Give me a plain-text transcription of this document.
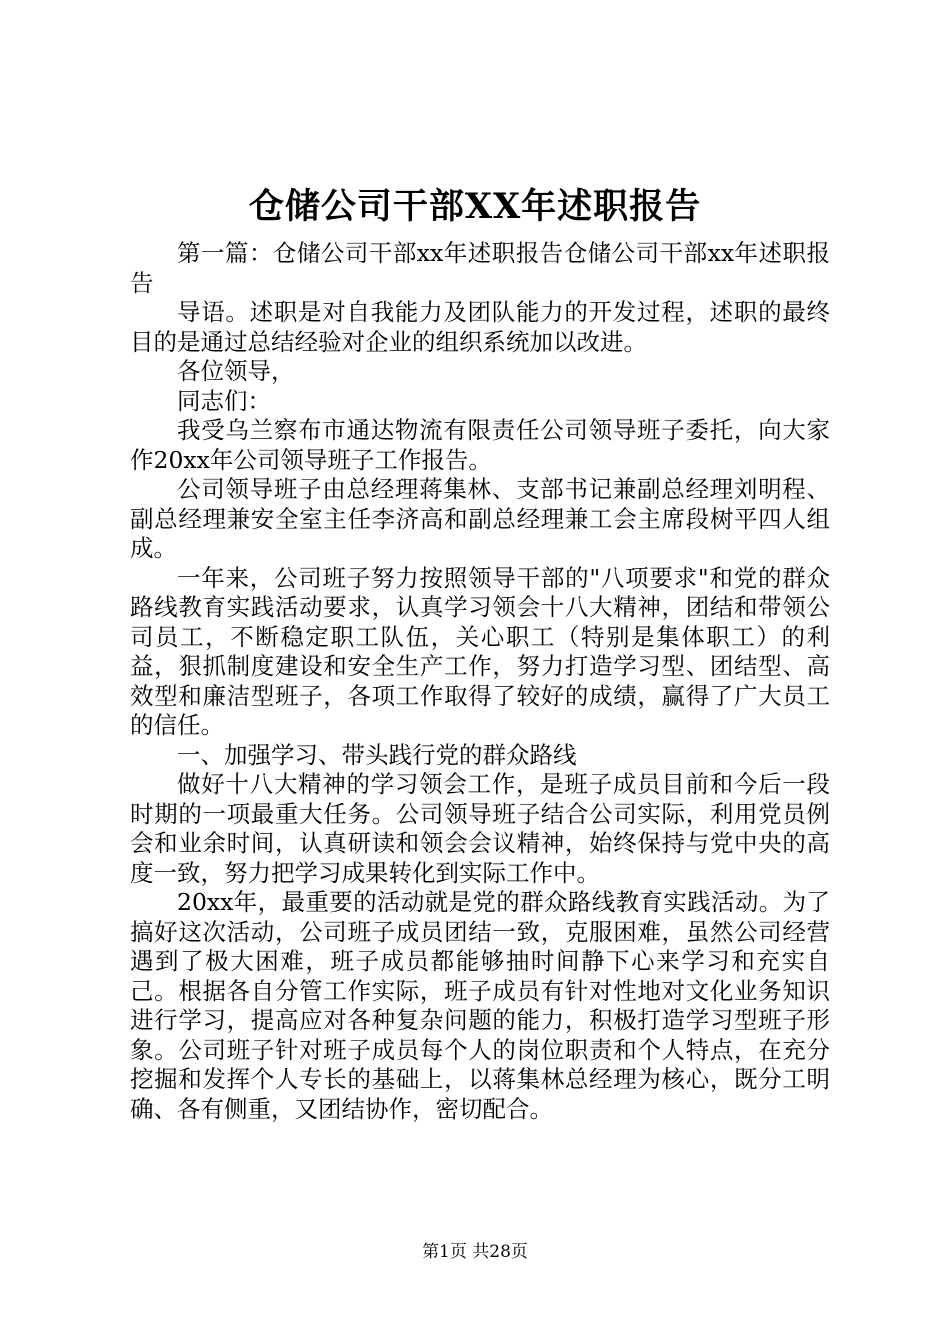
仓储公司干部XX年述职报告

第一篇：仓储公司干部xx年述职报告仓储公司干部xx年述职报告

导语。述职是对自我能力及团队能力的开发过程，述职的最终目的是通过总结经验对企业的组织系统加以改进。

各位领导，

同志们：

我受乌兰察布市通达物流有限责任公司领导班子委托，向大家作20xx年公司领导班子工作报告。

公司领导班子由总经理蒋集林、支部书记兼副总经理刘明程、副总经理兼安全室主任李济高和副总经理兼工会主席段树平四人组成。

一年来，公司班子努力按照领导干部的"八项要求"和党的群众路线教育实践活动要求，认真学习领会十八大精神，团结和带领公司员工，不断稳定职工队伍，关心职工（特别是集体职工）的利益，狠抓制度建设和安全生产工作，努力打造学习型、团结型、高效型和廉洁型班子，各项工作取得了较好的成绩，赢得了广大员工的信任。

一、加强学习、带头践行党的群众路线

做好十八大精神的学习领会工作，是班子成员目前和今后一段时期的一项最重大任务。公司领导班子结合公司实际，利用党员例会和业余时间，认真研读和领会会议精神，始终保持与党中央的高度一致，努力把学习成果转化到实际工作中。

20xx年，最重要的活动就是党的群众路线教育实践活动。为了搞好这次活动，公司班子成员团结一致，克服困难，虽然公司经营遇到了极大困难，班子成员都能够抽时间静下心来学习和充实自己。根据各自分管工作实际，班子成员有针对性地对文化业务知识进行学习，提高应对各种复杂问题的能力，积极打造学习型班子形象。公司班子针对班子成员每个人的岗位职责和个人特点，在充分挖掘和发挥个人专长的基础上，以蒋集林总经理为核心，既分工明确、各有侧重，又团结协作，密切配合。

第1页 共28页
